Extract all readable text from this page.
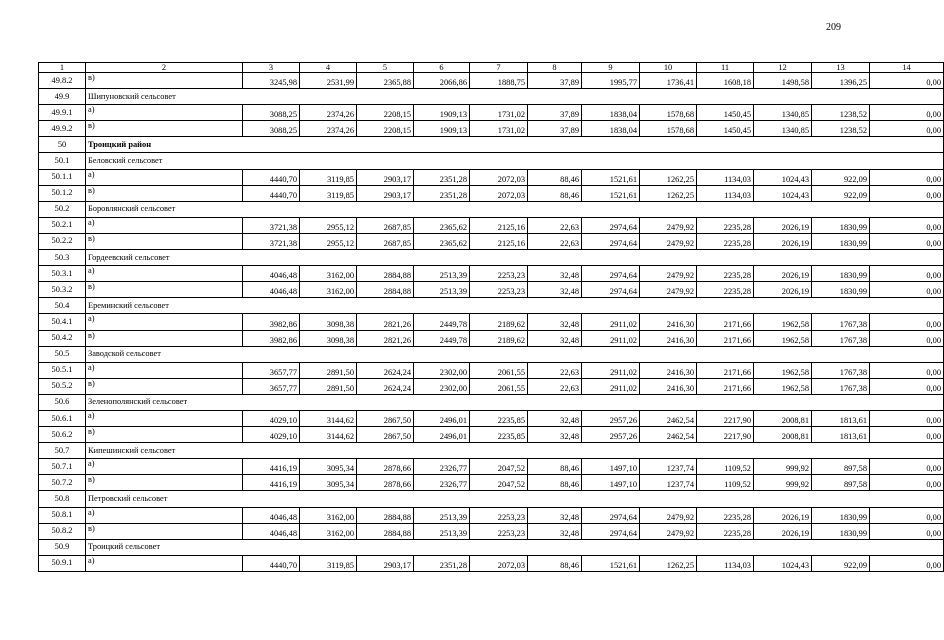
209
1	2	3	4	5	6	7	8	9	10	11	12	13	14
49.8.2	в)	3245,98	2531,99	2365,88	2066,86	1888,75	37,89	1995,77	1736,41	1608,18	1498,58	1396,25	0,00
49.9	Шипуновский сельсовет												
49.9.1	а)	3088,25	2374,26	2208,15	1909,13	1731,02	37,89	1838,04	1578,68	1450,45	1340,85	1238,52	0,00
49.9.2	в)	3088,25	2374,26	2208,15	1909,13	1731,02	37,89	1838,04	1578,68	1450,45	1340,85	1238,52	0,00
50	Троицкий район												
50.1	Беловский сельсовет												
50.1.1	а)	4440,70	3119,85	2903,17	2351,28	2072,03	88,46	1521,61	1262,25	1134,03	1024,43	922,09	0,00
50.1.2	в)	4440,70	3119,85	2903,17	2351,28	2072,03	88,46	1521,61	1262,25	1134,03	1024,43	922,09	0,00
50.2	Боровлянский сельсовет												
50.2.1	а)	3721,38	2955,12	2687,85	2365,62	2125,16	22,63	2974,64	2479,92	2235,28	2026,19	1830,99	0,00
50.2.2	в)	3721,38	2955,12	2687,85	2365,62	2125,16	22,63	2974,64	2479,92	2235,28	2026,19	1830,99	0,00
50.3	Гордеевский сельсовет												
50.3.1	а)	4046,48	3162,00	2884,88	2513,39	2253,23	32,48	2974,64	2479,92	2235,28	2026,19	1830,99	0,00
50.3.2	в)	4046,48	3162,00	2884,88	2513,39	2253,23	32,48	2974,64	2479,92	2235,28	2026,19	1830,99	0,00
50.4	Ереминский сельсовет												
50.4.1	а)	3982,86	3098,38	2821,26	2449,78	2189,62	32,48	2911,02	2416,30	2171,66	1962,58	1767,38	0,00
50.4.2	в)	3982,86	3098,38	2821,26	2449,78	2189,62	32,48	2911,02	2416,30	2171,66	1962,58	1767,38	0,00
50.5	Заводской сельсовет												
50.5.1	а)	3657,77	2891,50	2624,24	2302,00	2061,55	22,63	2911,02	2416,30	2171,66	1962,58	1767,38	0,00
50.5.2	в)	3657,77	2891,50	2624,24	2302,00	2061,55	22,63	2911,02	2416,30	2171,66	1962,58	1767,38	0,00
50.6	Зеленополянский сельсовет												
50.6.1	а)	4029,10	3144,62	2867,50	2496,01	2235,85	32,48	2957,26	2462,54	2217,90	2008,81	1813,61	0,00
50.6.2	в)	4029,10	3144,62	2867,50	2496,01	2235,85	32,48	2957,26	2462,54	2217,90	2008,81	1813,61	0,00
50.7	Кипешинский сельсовет												
50.7.1	а)	4416,19	3095,34	2878,66	2326,77	2047,52	88,46	1497,10	1237,74	1109,52	999,92	897,58	0,00
50.7.2	в)	4416,19	3095,34	2878,66	2326,77	2047,52	88,46	1497,10	1237,74	1109,52	999,92	897,58	0,00
50.8	Петровский сельсовет												
50.8.1	а)	4046,48	3162,00	2884,88	2513,39	2253,23	32,48	2974,64	2479,92	2235,28	2026,19	1830,99	0,00
50.8.2	в)	4046,48	3162,00	2884,88	2513,39	2253,23	32,48	2974,64	2479,92	2235,28	2026,19	1830,99	0,00
50.9	Троицкий сельсовет												
50.9.1	а)	4440,70	3119,85	2903,17	2351,28	2072,03	88,46	1521,61	1262,25	1134,03	1024,43	922,09	0,00
